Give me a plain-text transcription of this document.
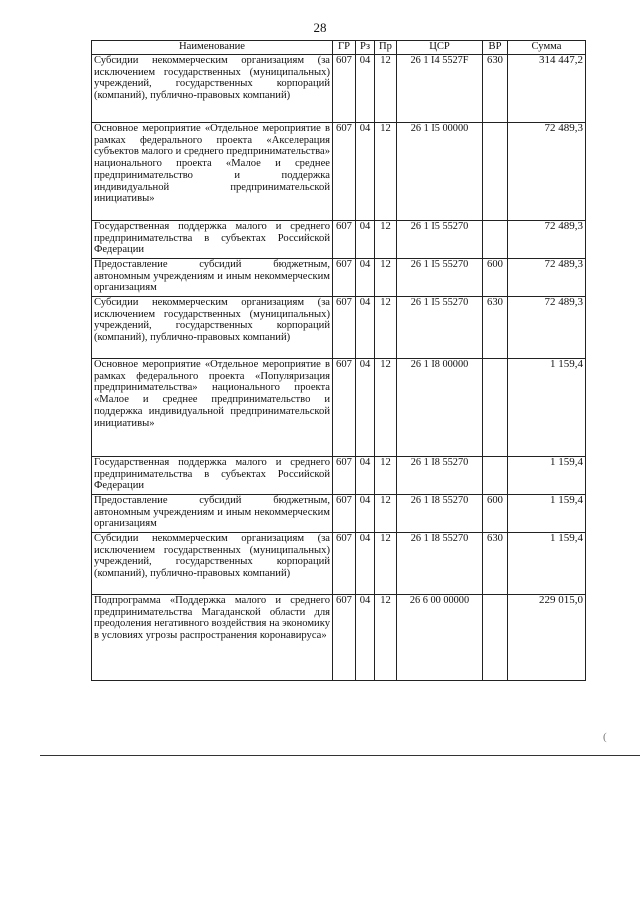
28
Наименование	ГР	Рз	Пр	ЦСР	ВР	Сумма
Субсидии некоммерческим организациям (за исключением государственных (муниципальных) учреждений, государственных корпораций (компаний), публично-правовых компаний)	607	04	12	26 1 I4 5527F	630	314 447,2
Основное мероприятие «Отдельное мероприятие в рамках федерального проекта «Акселерация субъектов малого и среднего предпринимательства» национального проекта «Малое и среднее предпринимательство и поддержка индивидуальной предпринимательской инициативы»	607	04	12	26 1 I5 00000		72 489,3
Государственная поддержка малого и среднего предпринимательства в субъектах Российской Федерации	607	04	12	26 1 I5 55270		72 489,3
Предоставление субсидий бюджетным, автономным учреждениям и иным некоммерческим организациям	607	04	12	26 1 I5 55270	600	72 489,3
Субсидии некоммерческим организациям (за исключением государственных (муниципальных) учреждений, государственных корпораций (компаний), публично-правовых компаний)	607	04	12	26 1 I5 55270	630	72 489,3
Основное мероприятие «Отдельное мероприятие в рамках федерального проекта «Популяризация предпринимательства» национального проекта «Малое и среднее предпринимательство и поддержка индивидуальной предпринимательской инициативы»	607	04	12	26 1 I8 00000		1 159,4
Государственная поддержка малого и среднего предпринимательства в субъектах Российской Федерации	607	04	12	26 1 I8 55270		1 159,4
Предоставление субсидий бюджетным, автономным учреждениям и иным некоммерческим организациям	607	04	12	26 1 I8 55270	600	1 159,4
Субсидии некоммерческим организациям (за исключением государственных (муниципальных) учреждений, государственных корпораций (компаний), публично-правовых компаний)	607	04	12	26 1 I8 55270	630	1 159,4
Подпрограмма «Поддержка малого и среднего предпринимательства Магаданской области для преодоления негативного воздействия на экономику в условиях угрозы распространения коронавируса»	607	04	12	26 6 00 00000		229 015,0
(
